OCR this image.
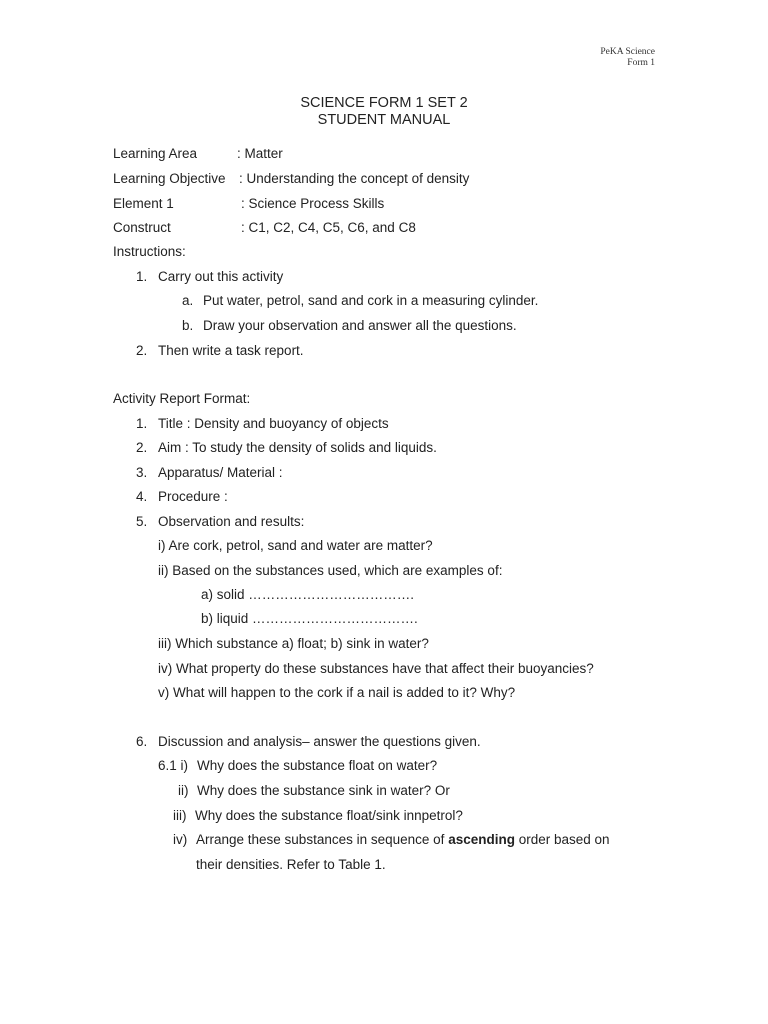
PeKA Science
Form 1
SCIENCE FORM 1 SET 2
STUDENT MANUAL
Learning Area	: Matter
Learning Objective : Understanding the concept of density
Element 1	: Science Process Skills
Construct	: C1, C2, C4, C5, C6, and C8
Instructions:
1. Carry out this activity
a. Put water, petrol, sand and cork in a measuring cylinder.
b. Draw your observation and answer all the questions.
2. Then write a task report.
Activity Report Format:
1. Title : Density and buoyancy of objects
2. Aim : To study the density of solids and liquids.
3. Apparatus/ Material :
4. Procedure :
5. Observation and results:
i) Are cork, petrol, sand and water are matter?
ii) Based on the substances used, which are examples of:
a) solid ……………………………….
b) liquid ……………………………….
iii) Which substance a) float; b) sink in water?
iv) What property do these substances have that affect their buoyancies?
v) What will happen to the cork if a nail is added to it? Why?
6. Discussion and analysis– answer the questions given.
6.1 i) Why does the substance float on water?
ii) Why does the substance sink in water? Or
iii) Why does the substance float/sink innpetrol?
iv) Arrange these substances in sequence of ascending order based on
their densities. Refer to Table 1.
